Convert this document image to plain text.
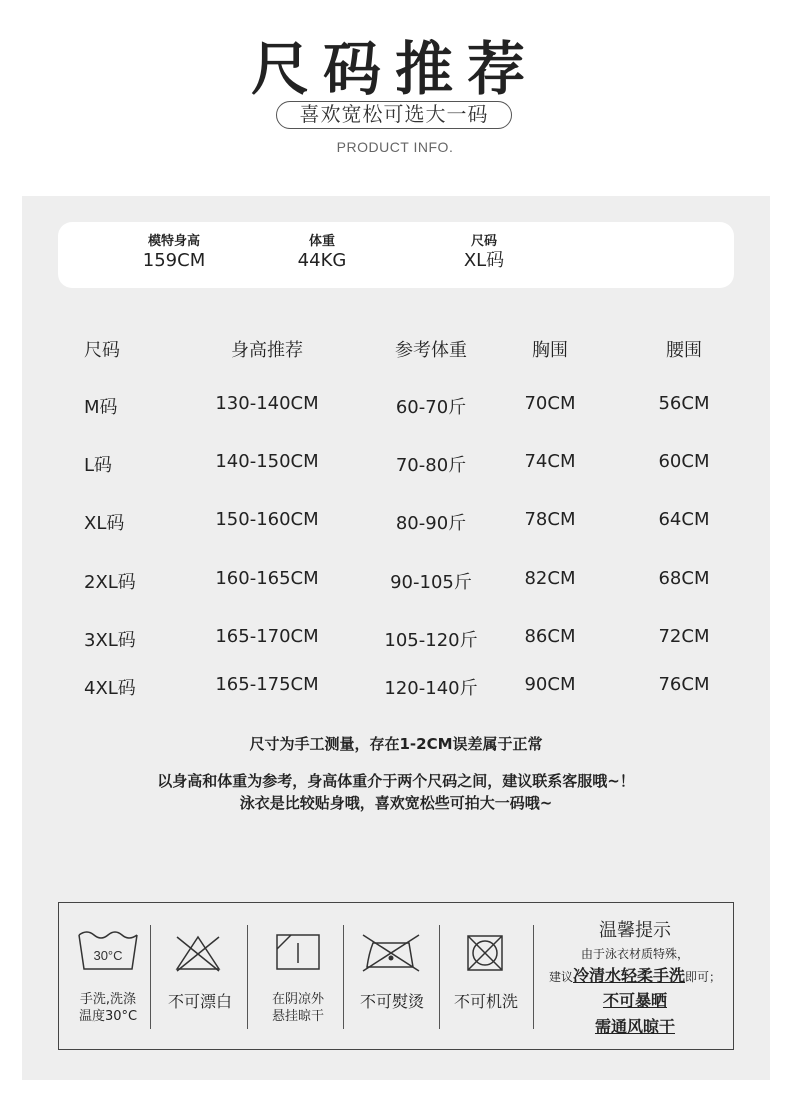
尺码推荐
喜欢宽松可选大一码
PRODUCT INFO.
模特身高
159CM
体重
44KG
尺码
XL码
尺码	身高推荐	参考体重	胸围	腰围
M码	130-140CM	60-70斤	70CM	56CM
L码	140-150CM	70-80斤	74CM	60CM
XL码	150-160CM	80-90斤	78CM	64CM
2XL码	160-165CM	90-105斤	82CM	68CM
3XL码	165-170CM	105-120斤	86CM	72CM
4XL码	165-175CM	120-140斤	90CM	76CM
尺寸为手工测量，存在1-2CM误差属于正常
以身高和体重为参考，身高体重介于两个尺码之间，建议联系客服哦~！
泳衣是比较贴身哦，喜欢宽松些可拍大一码哦~
30°C
手洗,洗涤
温度30°C
不可漂白	在阴凉外
悬挂晾干
不可熨烫	不可机洗
温馨提示
由于泳衣材质特殊，
建议冷清水轻柔手洗即可；
不可暴晒
需通风晾干
